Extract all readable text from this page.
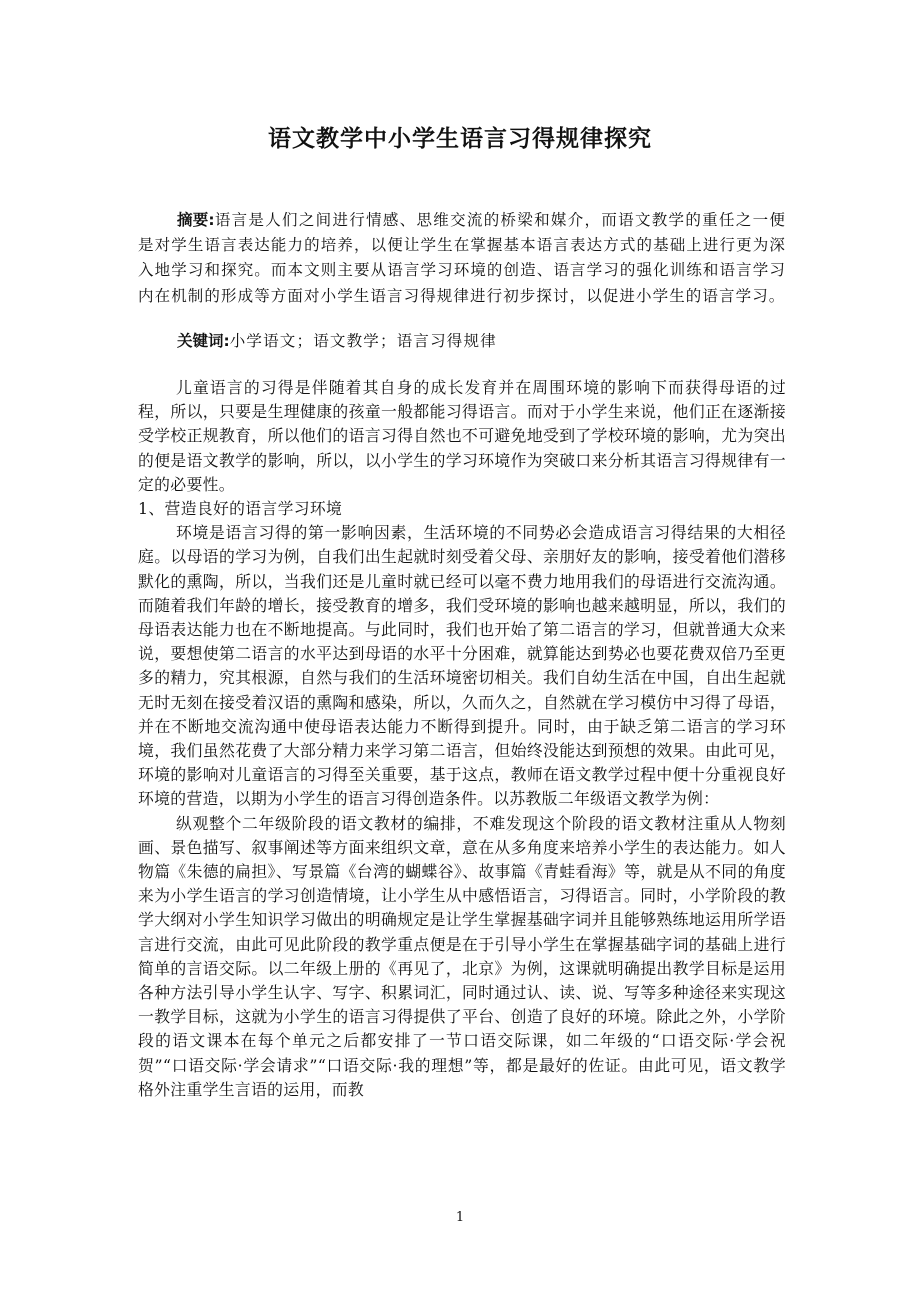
语文教学中小学生语言习得规律探究

摘要:语言是人们之间进行情感、思维交流的桥梁和媒介，而语文教学的重任之一便是对学生语言表达能力的培养，以便让学生在掌握基本语言表达方式的基础上进行更为深入地学习和探究。而本文则主要从语言学习环境的创造、语言学习的强化训练和语言学习内在机制的形成等方面对小学生语言习得规律进行初步探讨，以促进小学生的语言学习。

关键词:小学语文；语文教学；语言习得规律

儿童语言的习得是伴随着其自身的成长发育并在周围环境的影响下而获得母语的过程，所以，只要是生理健康的孩童一般都能习得语言。而对于小学生来说，他们正在逐渐接受学校正规教育，所以他们的语言习得自然也不可避免地受到了学校环境的影响，尤为突出的便是语文教学的影响，所以，以小学生的学习环境作为突破口来分析其语言习得规律有一定的必要性。

1、营造良好的语言学习环境

环境是语言习得的第一影响因素，生活环境的不同势必会造成语言习得结果的大相径庭。以母语的学习为例，自我们出生起就时刻受着父母、亲朋好友的影响，接受着他们潜移默化的熏陶，所以，当我们还是儿童时就已经可以毫不费力地用我们的母语进行交流沟通。而随着我们年龄的增长，接受教育的增多，我们受环境的影响也越来越明显，所以，我们的母语表达能力也在不断地提高。与此同时，我们也开始了第二语言的学习，但就普通大众来说，要想使第二语言的水平达到母语的水平十分困难，就算能达到势必也要花费双倍乃至更多的精力，究其根源，自然与我们的生活环境密切相关。我们自幼生活在中国，自出生起就无时无刻在接受着汉语的熏陶和感染，所以，久而久之，自然就在学习模仿中习得了母语，并在不断地交流沟通中使母语表达能力不断得到提升。同时，由于缺乏第二语言的学习环境，我们虽然花费了大部分精力来学习第二语言，但始终没能达到预想的效果。由此可见，环境的影响对儿童语言的习得至关重要，基于这点，教师在语文教学过程中便十分重视良好环境的营造，以期为小学生的语言习得创造条件。以苏教版二年级语文教学为例：

纵观整个二年级阶段的语文教材的编排，不难发现这个阶段的语文教材注重从人物刻画、景色描写、叙事阐述等方面来组织文章，意在从多角度来培养小学生的表达能力。如人物篇《朱德的扁担》、写景篇《台湾的蝴蝶谷》、故事篇《青蛙看海》等，就是从不同的角度来为小学生语言的学习创造情境，让小学生从中感悟语言，习得语言。同时，小学阶段的教学大纲对小学生知识学习做出的明确规定是让学生掌握基础字词并且能够熟练地运用所学语言进行交流，由此可见此阶段的教学重点便是在于引导小学生在掌握基础字词的基础上进行简单的言语交际。以二年级上册的《再见了，北京》为例，这课就明确提出教学目标是运用各种方法引导小学生认字、写字、积累词汇，同时通过认、读、说、写等多种途径来实现这一教学目标，这就为小学生的语言习得提供了平台、创造了良好的环境。除此之外，小学阶段的语文课本在每个单元之后都安排了一节口语交际课，如二年级的“口语交际·学会祝贺”“口语交际·学会请求”“口语交际·我的理想”等，都是最好的佐证。由此可见，语文教学格外注重学生言语的运用，而教

1
